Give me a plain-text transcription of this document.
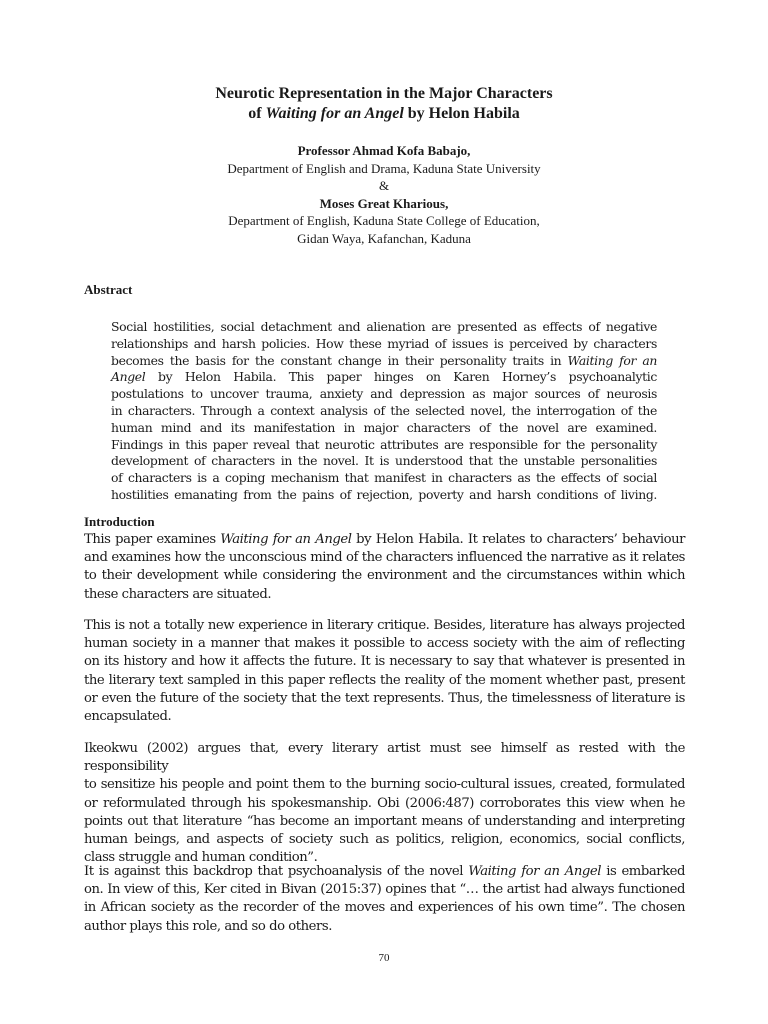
Neurotic Representation in the Major Characters
of Waiting for an Angel by Helon Habila
Professor Ahmad Kofa Babajo,
Department of English and Drama, Kaduna State University
&
Moses Great Kharious,
Department of English, Kaduna State College of Education,
Gidan Waya, Kafanchan, Kaduna
Abstract
Social hostilities, social detachment and alienation are presented as effects of negative
relationships and harsh policies. How these myriad of issues is perceived by characters
becomes the basis for the constant change in their personality traits in Waiting for an
Angel by Helon Habila. This paper hinges on Karen Horney’s psychoanalytic
postulations to uncover trauma, anxiety and depression as major sources of neurosis
in characters. Through a context analysis of the selected novel, the interrogation of the
human mind and its manifestation in major characters of the novel are examined.
Findings in this paper reveal that neurotic attributes are responsible for the personality
development of characters in the novel. It is understood that the unstable personalities
of characters is a coping mechanism that manifest in characters as the effects of social
hostilities emanating from the pains of rejection, poverty and harsh conditions of living.
Introduction
This paper examines Waiting for an Angel by Helon Habila. It relates to characters’ behaviour
and examines how the unconscious mind of the characters influenced the narrative as it relates
to their development while considering the environment and the circumstances within which
these characters are situated.
This is not a totally new experience in literary critique. Besides, literature has always projected
human society in a manner that makes it possible to access society with the aim of reflecting
on its history and how it affects the future. It is necessary to say that whatever is presented in
the literary text sampled in this paper reflects the reality of the moment whether past, present
or even the future of the society that the text represents. Thus, the timelessness of literature is
encapsulated.
Ikeokwu (2002) argues that, every literary artist must see himself as rested with the responsibility
to sensitize his people and point them to the burning socio-cultural issues, created, formulated
or reformulated through his spokesmanship. Obi (2006:487) corroborates this view when he
points out that literature “has become an important means of understanding and interpreting
human beings, and aspects of society such as politics, religion, economics, social conflicts,
class struggle and human condition”.
It is against this backdrop that psychoanalysis of the novel Waiting for an Angel is embarked
on. In view of this, Ker cited in Bivan (2015:37) opines that “… the artist had always functioned
in African society as the recorder of the moves and experiences of his own time”. The chosen
author plays this role, and so do others.
70
